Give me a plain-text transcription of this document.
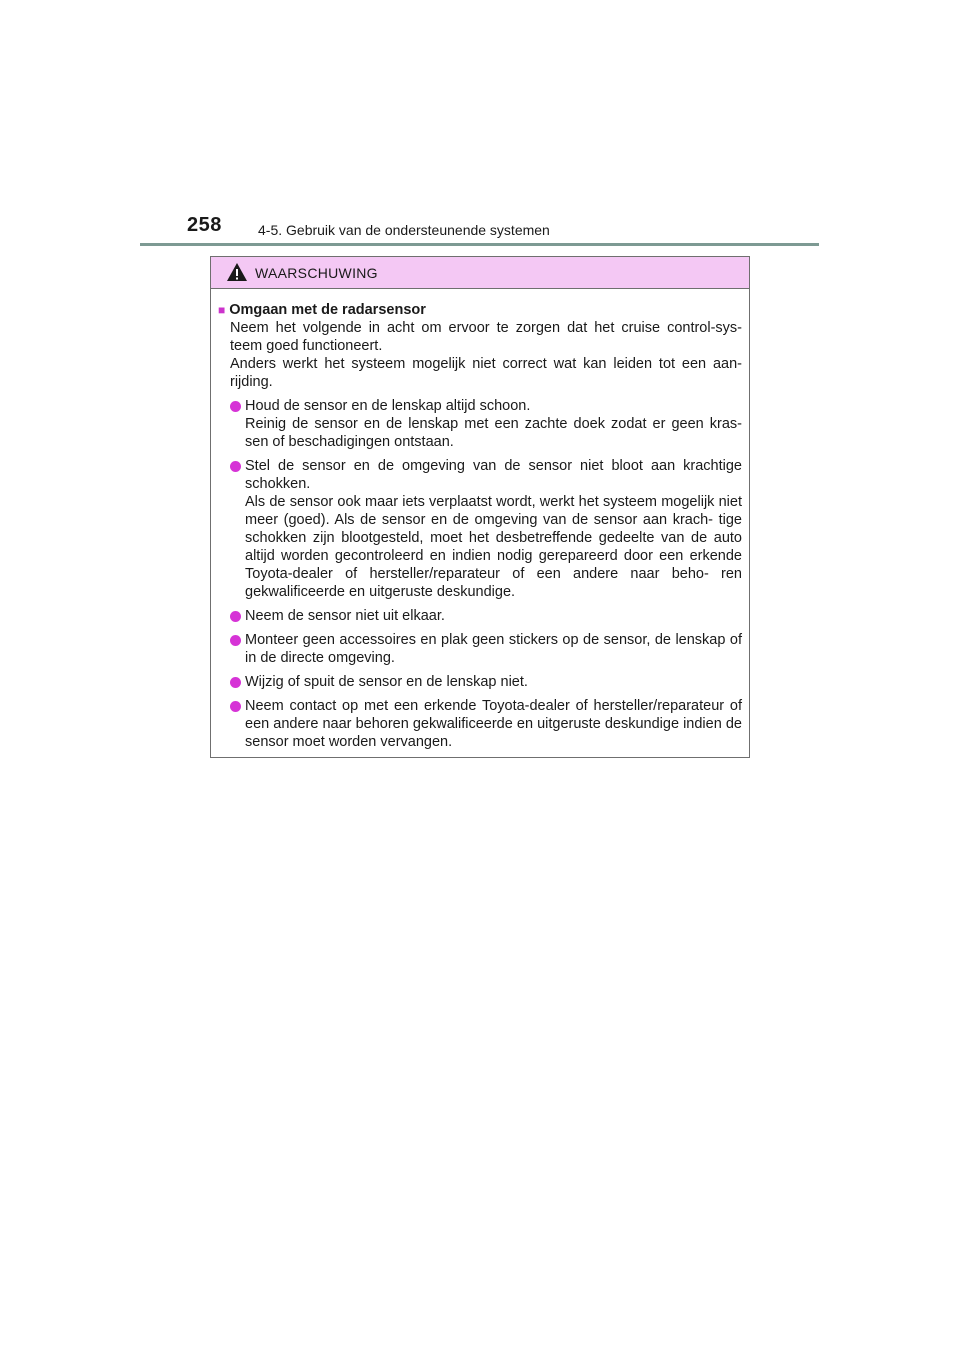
258	4-5. Gebruik van de ondersteunende systemen
WAARSCHUWING
■ Omgaan met de radarsensor

Neem het volgende in acht om ervoor te zorgen dat het cruise control-sys- teem goed functioneert.

Anders werkt het systeem mogelijk niet correct wat kan leiden tot een aan- rijding.

Houd de sensor en de lenskap altijd schoon.

Reinig de sensor en de lenskap met een zachte doek zodat er geen kras- sen of beschadigingen ontstaan.

Stel de sensor en de omgeving van de sensor niet bloot aan krachtige schokken.

Als de sensor ook maar iets verplaatst wordt, werkt het systeem mogelijk niet meer (goed). Als de sensor en de omgeving van de sensor aan krach- tige schokken zijn blootgesteld, moet het desbetreffende gedeelte van de auto altijd worden gecontroleerd en indien nodig gerepareerd door een erkende Toyota-dealer of hersteller/reparateur of een andere naar beho- ren gekwalificeerde en uitgeruste deskundige.

Neem de sensor niet uit elkaar.

Monteer geen accessoires en plak geen stickers op de sensor, de lenskap of in de directe omgeving.

Wijzig of spuit de sensor en de lenskap niet.

Neem contact op met een erkende Toyota-dealer of hersteller/reparateur of een andere naar behoren gekwalificeerde en uitgeruste deskundige indien de sensor moet worden vervangen.
